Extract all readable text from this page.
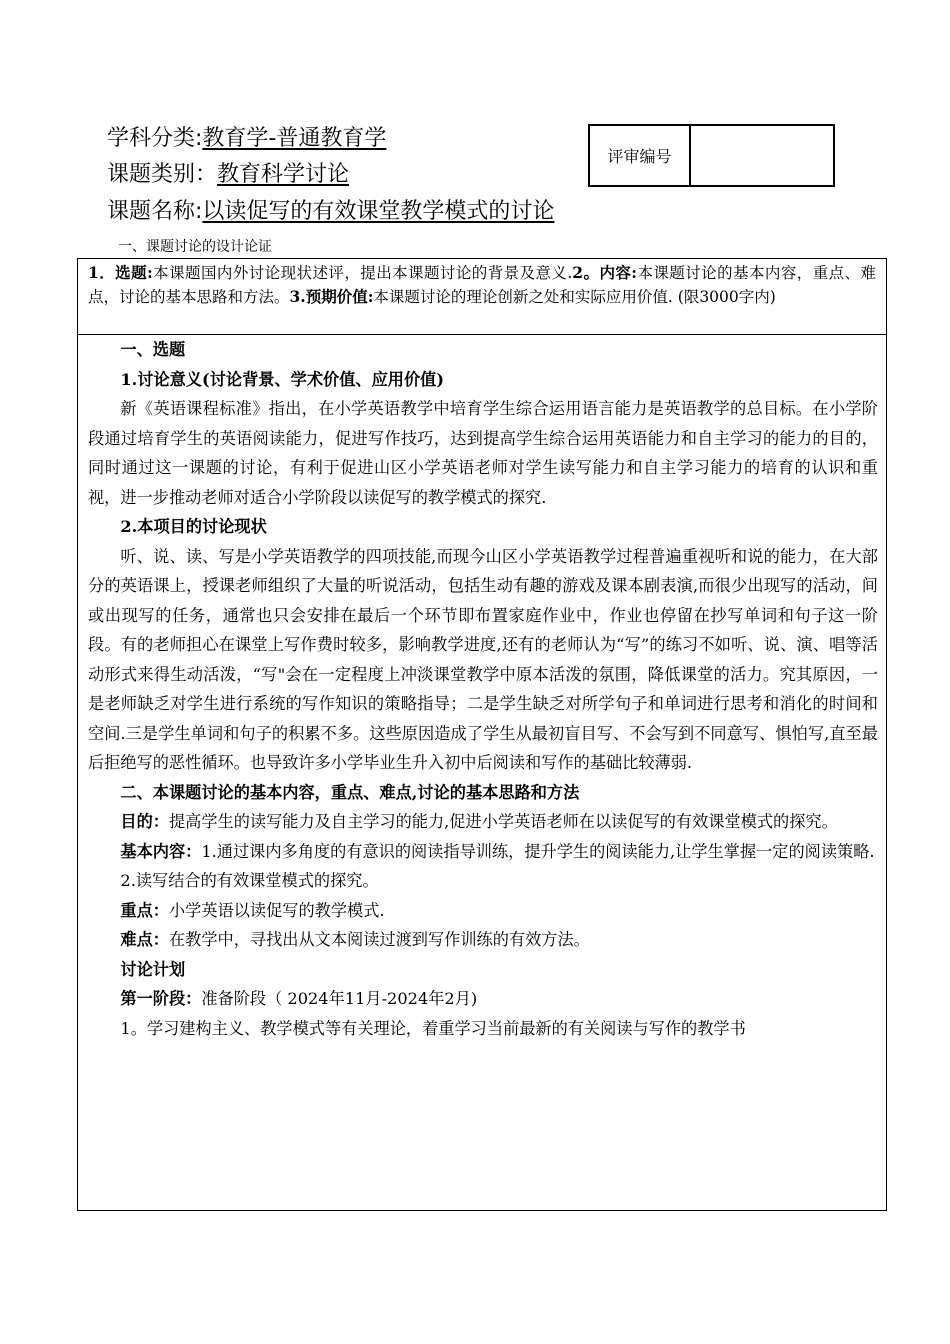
学科分类:教育学-普通教育学
课题类别：教育科学讨论
课题名称:以读促写的有效课堂教学模式的讨论
评审编号
一、课题讨论的设计论证
1．选题:本课题国内外讨论现状述评，提出本课题讨论的背景及意义.2。内容:本课题讨论的基本内容，重点、难点，讨论的基本思路和方法。3.预期价值:本课题讨论的理论创新之处和实际应用价值. (限3000字内)

一、选题

1.讨论意义(讨论背景、学术价值、应用价值)

新《英语课程标准》指出，在小学英语教学中培育学生综合运用语言能力是英语教学的总目标。在小学阶段通过培育学生的英语阅读能力，促进写作技巧，达到提高学生综合运用英语能力和自主学习的能力的目的，同时通过这一课题的讨论，有利于促进山区小学英语老师对学生读写能力和自主学习能力的培育的认识和重视，进一步推动老师对适合小学阶段以读促写的教学模式的探究.

2.本项目的讨论现状

听、说、读、写是小学英语教学的四项技能,而现今山区小学英语教学过程普遍重视听和说的能力，在大部分的英语课上，授课老师组织了大量的听说活动，包括生动有趣的游戏及课本剧表演,而很少出现写的活动，间或出现写的任务，通常也只会安排在最后一个环节即布置家庭作业中，作业也停留在抄写单词和句子这一阶段。有的老师担心在课堂上写作费时较多，影响教学进度,还有的老师认为“写”的练习不如听、说、演、唱等活动形式来得生动活泼，“写"会在一定程度上冲淡课堂教学中原本活泼的氛围，降低课堂的活力。究其原因，一是老师缺乏对学生进行系统的写作知识的策略指导；二是学生缺乏对所学句子和单词进行思考和消化的时间和空间.三是学生单词和句子的积累不多。这些原因造成了学生从最初盲目写、不会写到不同意写、惧怕写,直至最后拒绝写的恶性循环。也导致许多小学毕业生升入初中后阅读和写作的基础比较薄弱.

二、本课题讨论的基本内容，重点、难点,讨论的基本思路和方法

目的：提高学生的读写能力及自主学习的能力,促进小学英语老师在以读促写的有效课堂模式的探究。

基本内容：1.通过课内多角度的有意识的阅读指导训练，提升学生的阅读能力,让学生掌握一定的阅读策略.

2.读写结合的有效课堂模式的探究。

重点：小学英语以读促写的教学模式.

难点：在教学中，寻找出从文本阅读过渡到写作训练的有效方法。

讨论计划

第一阶段：准备阶段（ 2024年11月-2024年2月)

1。学习建构主义、教学模式等有关理论，着重学习当前最新的有关阅读与写作的教学书
